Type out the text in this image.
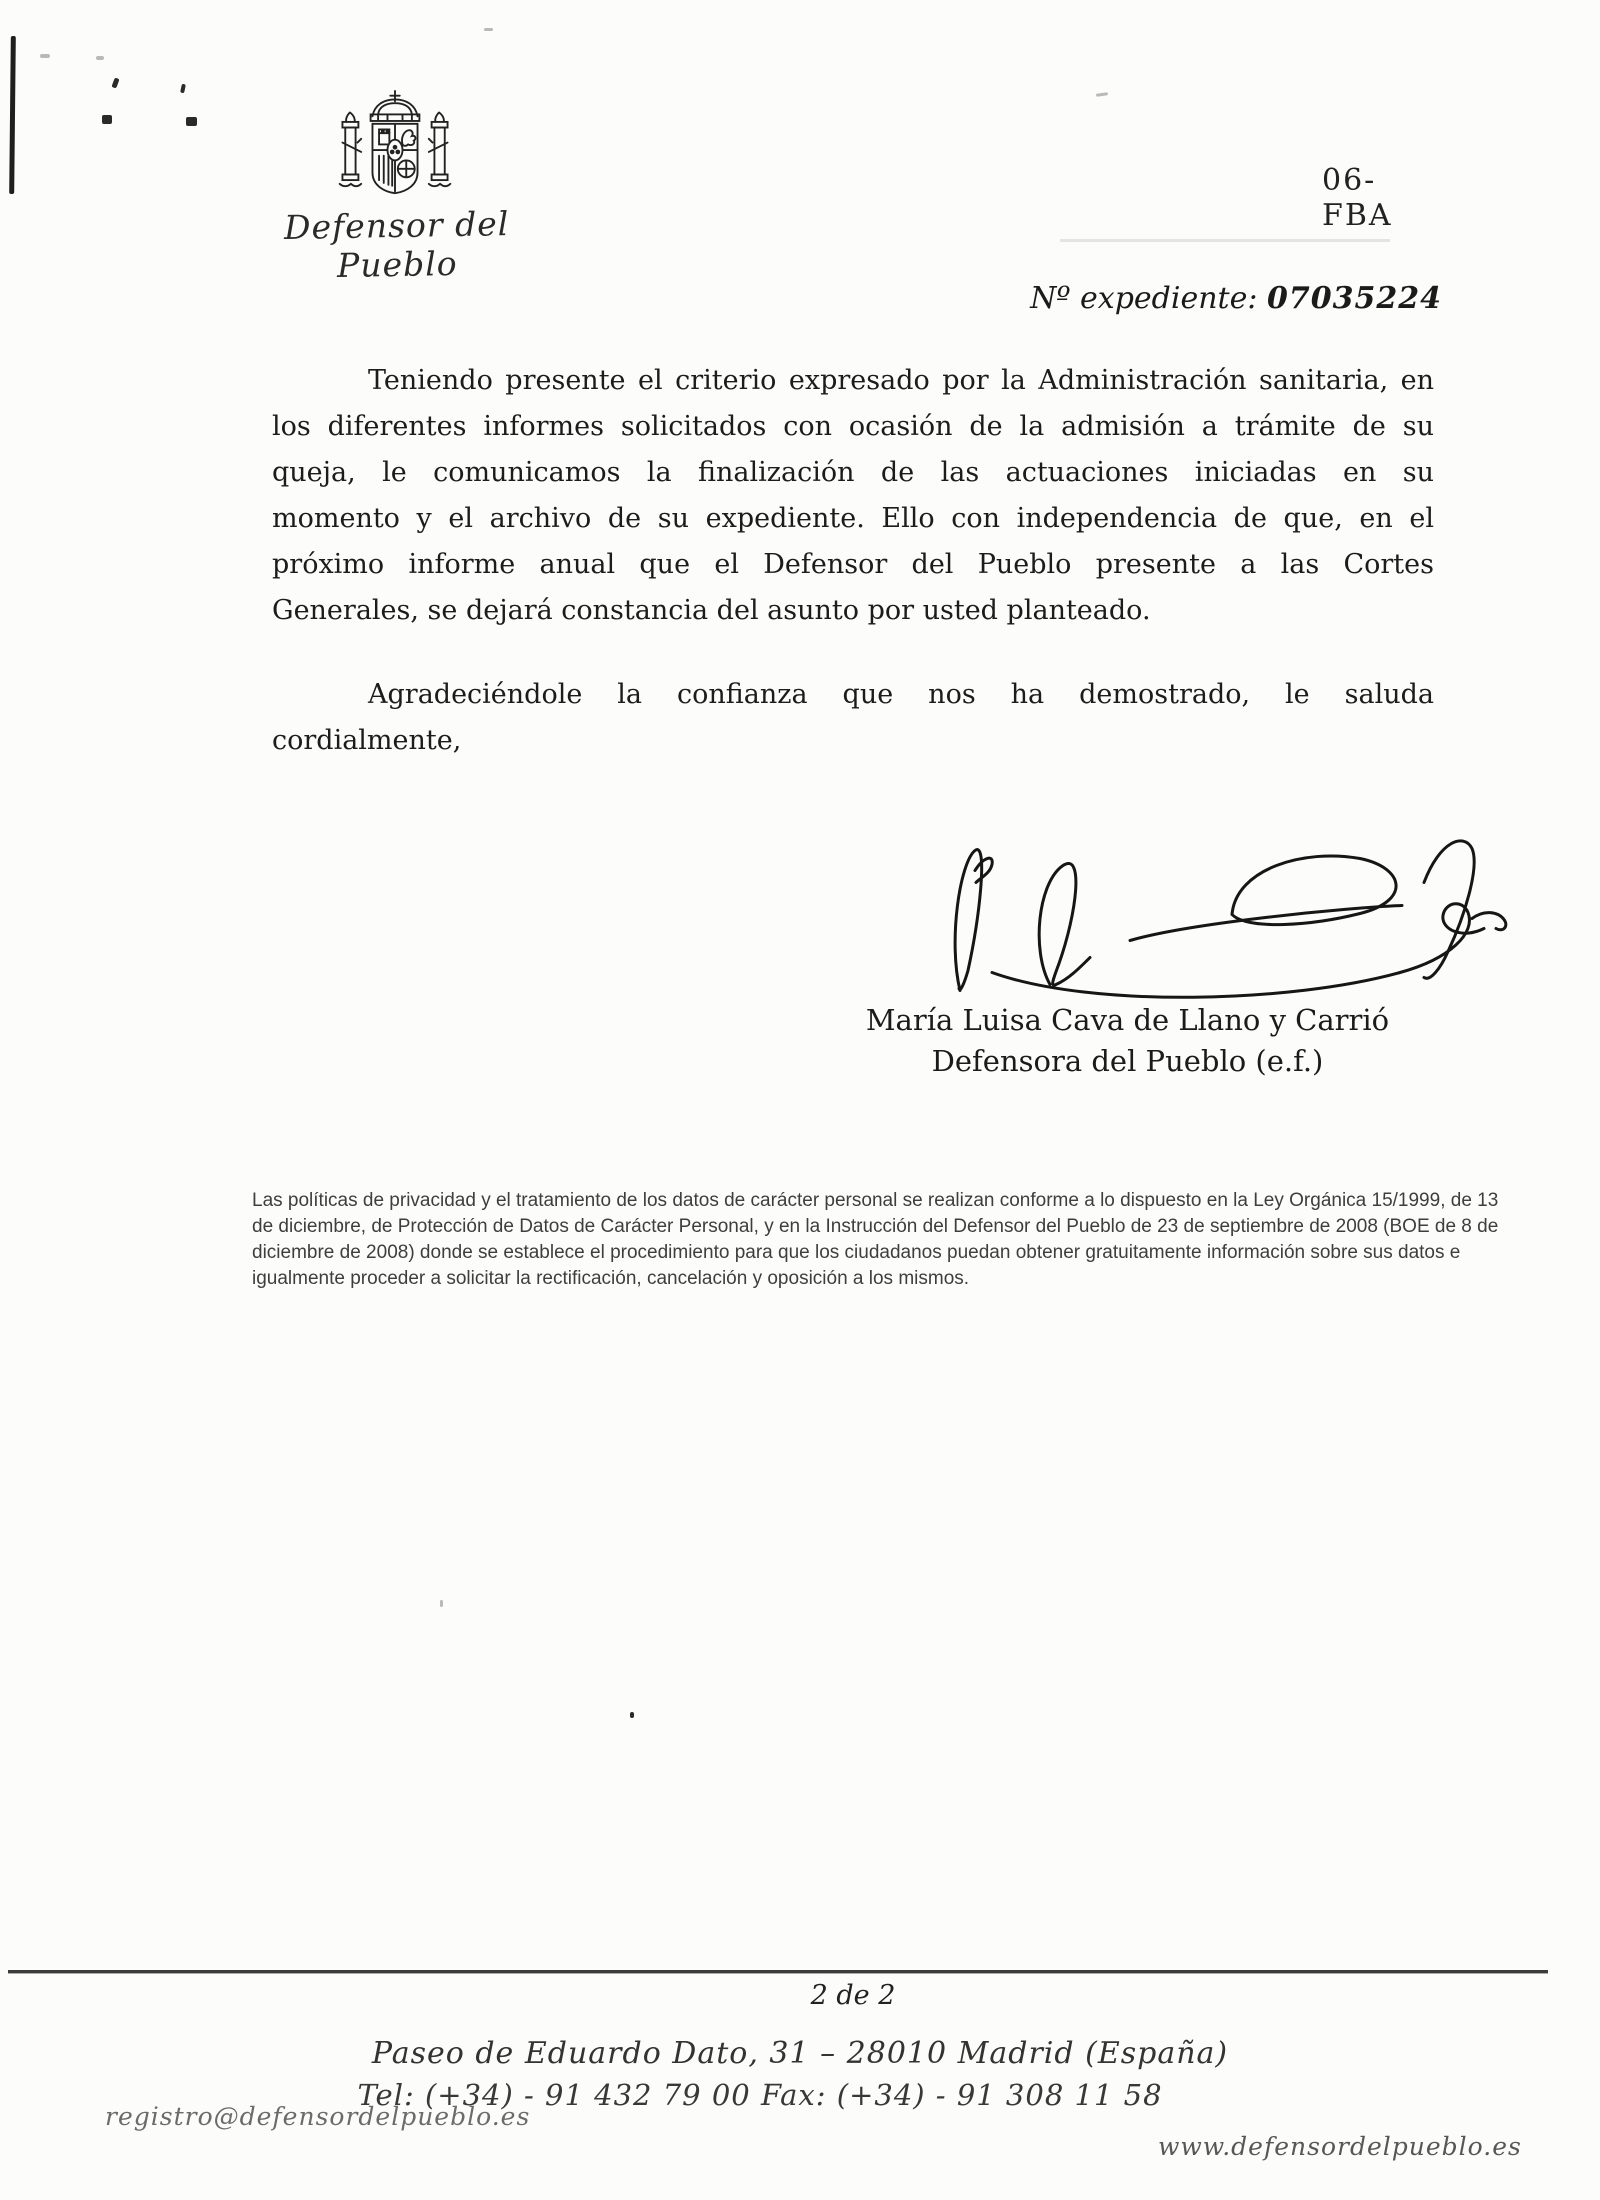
Defensor del Pueblo
06-FBA
Nº expediente: 07035224
Teniendo presente el criterio expresado por la Administración sanitaria, en
los diferentes informes solicitados con ocasión de la admisión a trámite de su
queja, le comunicamos la finalización de las actuaciones iniciadas en su
momento y el archivo de su expediente. Ello con independencia de que, en el
próximo informe anual que el Defensor del Pueblo presente a las Cortes
Generales, se dejará constancia del asunto por usted planteado.
Agradeciéndole la confianza que nos ha demostrado, le saluda
cordialmente,
María Luisa Cava de Llano y Carrió
Defensora del Pueblo (e.f.)
Las políticas de privacidad y el tratamiento de los datos de carácter personal se realizan conforme a lo dispuesto en la Ley Orgánica 15/1999, de 13
de diciembre, de Protección de Datos de Carácter Personal, y en la Instrucción del Defensor del Pueblo de 23 de septiembre de 2008 (BOE de 8 de
diciembre de 2008) donde se establece el procedimiento para que los ciudadanos puedan obtener gratuitamente información sobre sus datos e
igualmente proceder a solicitar la rectificación, cancelación y oposición a los mismos.
2 de 2
Paseo de Eduardo Dato, 31 – 28010 Madrid (España)
Tel: (+34) - 91 432 79 00 Fax: (+34) - 91 308 11 58
registro@defensordelpueblo.es
www.defensordelpueblo.es
